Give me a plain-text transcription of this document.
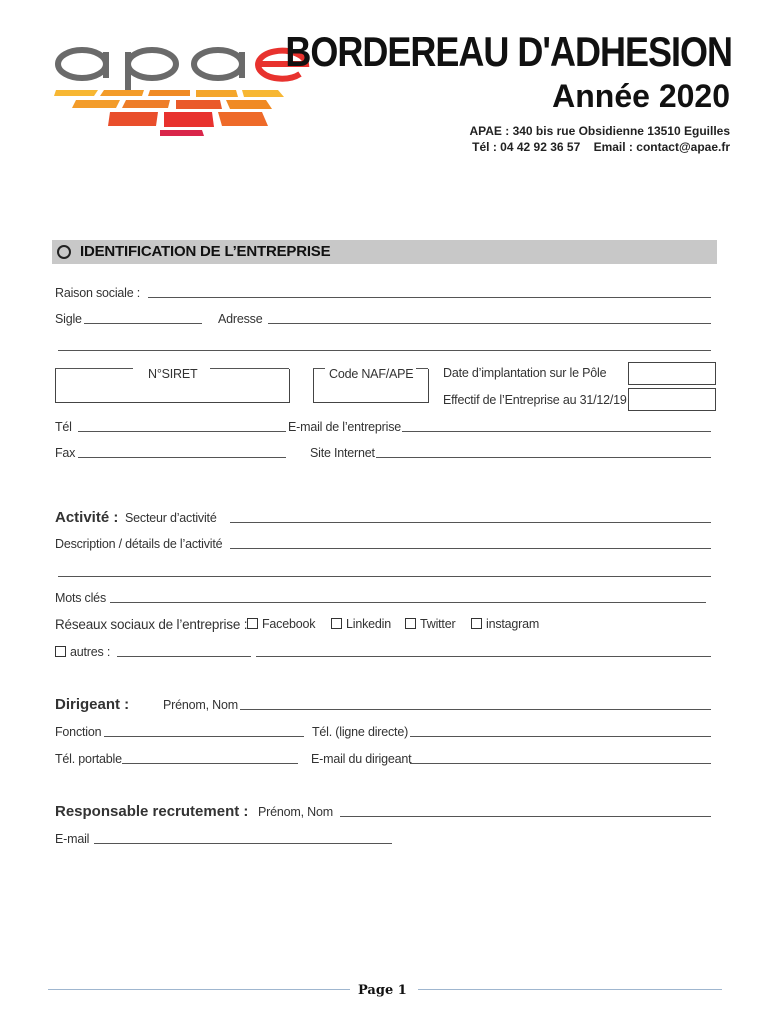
BORDEREAU D'ADHESION
Année 2020
APAE : 340 bis rue Obsidienne 13510 Eguilles
Tél : 04 42 92 36 57    Email : contact@apae.fr
IDENTIFICATION DE L’ENTREPRISE
Raison sociale :
Sigle	Adresse
N°SIRET	Code NAF/APE Date d’implantation sur le Pôle
Effectif de l’Entreprise au 31/12/19
Tél	E-mail de l’entreprise
Fax	Site Internet
Activité : Secteur d’activité
Description / détails de l’activité
Mots clés
Réseaux sociaux de l’entreprise :	Facebook	Linkedin	Twitter	instagram
autres :
Dirigeant :	Prénom, Nom
Fonction	Tél. (ligne directe)
Tél. portable	E-mail du dirigeant
Responsable recrutement : Prénom, Nom
E-mail
Page 1
